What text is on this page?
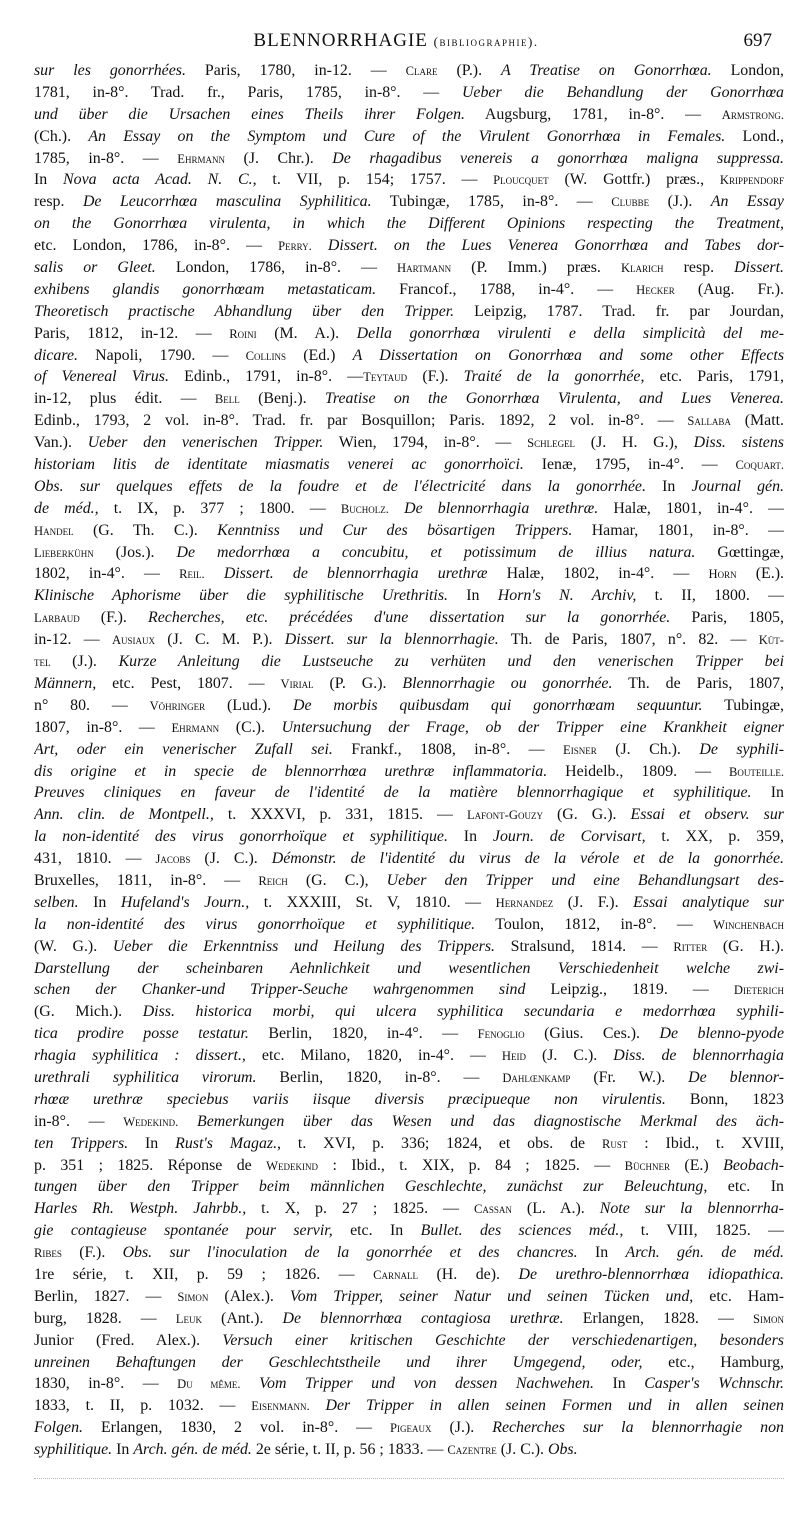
BLENNORRHAGIE (bibliographie).	697
sur les gonorrhées. Paris, 1780, in-12. — Clare (P.). A Treatise on Gonorrhœa. London,
1781, in-8°. Trad. fr., Paris, 1785, in-8°. — Ueber die Behandlung der Gonorrhœa
und über die Ursachen eines Theils ihrer Folgen. Augsburg, 1781, in-8°. — Armstrong.
(Ch.). An Essay on the Symptom und Cure of the Virulent Gonorrhœa in Females. Lond.,
1785, in-8°. — Ehrmann (J. Chr.). De rhagadibus venereis a gonorrhœa maligna suppressa.
In Nova acta Acad. N. C., t. VII, p. 154; 1757. — Ploucquet (W. Gottfr.) præs., Krippendorf
resp. De Leucorrhœa masculina Syphilitica. Tubingæ, 1785, in-8°. — Clubbe (J.). An Essay
on the Gonorrhœa virulenta, in which the Different Opinions respecting the Treatment,
etc. London, 1786, in-8°. — Perry. Dissert. on the Lues Venerea Gonorrhœa and Tabes dor-
salis or Gleet. London, 1786, in-8°. — Hartmann (P. Imm.) præs. Klarich resp. Dissert.
exhibens glandis gonorrhœam metastaticam. Francof., 1788, in-4°. — Hecker (Aug. Fr.).
Theoretisch practische Abhandlung über den Tripper. Leipzig, 1787. Trad. fr. par Jourdan,
Paris, 1812, in-12. — Roini (M. A.). Della gonorrhœa virulenti e della simplicità del me-
dicare. Napoli, 1790. — Collins (Ed.) A Dissertation on Gonorrhœa and some other Effects
of Venereal Virus. Edinb., 1791, in-8°. —Teytaud (F.). Traité de la gonorrhée, etc. Paris, 1791,
in-12, plus édit. — Bell (Benj.). Treatise on the Gonorrhœa Virulenta, and Lues Venerea.
Edinb., 1793, 2 vol. in-8°. Trad. fr. par Bosquillon; Paris. 1892, 2 vol. in-8°. — Sallaba (Matt.
Van.). Ueber den venerischen Tripper. Wien, 1794, in-8°. — Schlegel (J. H. G.), Diss. sistens
historiam litis de identitate miasmatis venerei ac gonorrhoïci. Ienæ, 1795, in-4°. — Coquart.
Obs. sur quelques effets de la foudre et de l'électricité dans la gonorrhée. In Journal gén.
de méd., t. IX, p. 377 ; 1800. — Bucholz. De blennorrhagia urethræ. Halæ, 1801, in-4°. —
Handel (G. Th. C.). Kenntniss und Cur des bösartigen Trippers. Hamar, 1801, in-8°. —
Lieberkühn (Jos.). De medorrhœa a concubitu, et potissimum de illius natura. Gœttingæ,
1802, in-4°. — Reil. Dissert. de blennorrhagia urethræ Halæ, 1802, in-4°. — Horn (E.).
Klinische Aphorisme über die syphilitische Urethritis. In Horn's N. Archiv, t. II, 1800. —
Larbaud (F.). Recherches, etc. précédées d'une dissertation sur la gonorrhée. Paris, 1805,
in-12. — Ausiaux (J. C. M. P.). Dissert. sur la blennorrhagie. Th. de Paris, 1807, n°. 82. — Küt-
tel (J.). Kurze Anleitung die Lustseuche zu verhüten und den venerischen Tripper bei
Männern, etc. Pest, 1807. — Virial (P. G.). Blennorrhagie ou gonorrhée. Th. de Paris, 1807,
n° 80. — Vöhringer (Lud.). De morbis quibusdam qui gonorrhœam sequuntur. Tubingæ,
1807, in-8°. — Ehrmann (C.). Untersuchung der Frage, ob der Tripper eine Krankheit eigner
Art, oder ein venerischer Zufall sei. Frankf., 1808, in-8°. — Eisner (J. Ch.). De syphili-
dis origine et in specie de blennorrhœa urethræ inflammatoria. Heidelb., 1809. — Bouteille.
Preuves cliniques en faveur de l'identité de la matière blennorrhagique et syphilitique. In
Ann. clin. de Montpell., t. XXXVI, p. 331, 1815. — Lafont-Gouzy (G. G.). Essai et observ. sur
la non-identité des virus gonorrhoïque et syphilitique. In Journ. de Corvisart, t. XX, p. 359,
431, 1810. — Jacobs (J. C.). Démonstr. de l'identité du virus de la vérole et de la gonorrhée.
Bruxelles, 1811, in-8°. — Reich (G. C.), Ueber den Tripper und eine Behandlungsart des-
selben. In Hufeland's Journ., t. XXXIII, St. V, 1810. — Hernandez (J. F.). Essai analytique sur
la non-identité des virus gonorrhoïque et syphilitique. Toulon, 1812, in-8°. — Winchenbach
(W. G.). Ueber die Erkenntniss und Heilung des Trippers. Stralsund, 1814. — Ritter (G. H.).
Darstellung der scheinbaren Aehnlichkeit und wesentlichen Verschiedenheit welche zwi-
schen der Chanker-und Tripper-Seuche wahrgenommen sind Leipzig., 1819. — Dieterich
(G. Mich.). Diss. historica morbi, qui ulcera syphilitica secundaria e medorrhœa syphili-
tica prodire posse testatur. Berlin, 1820, in-4°. — Fenoglio (Gius. Ces.). De blenno-pyode
rhagia syphilitica : dissert., etc. Milano, 1820, in-4°. — Heid (J. C.). Diss. de blennorrhagia
urethrali syphilitica virorum. Berlin, 1820, in-8°. — Dahlœnkamp (Fr. W.). De blennor-
rhœæ urethræ speciebus variis iisque diversis præcipueque non virulentis. Bonn, 1823
in-8°. — Wedekind. Bemerkungen über das Wesen und das diagnostische Merkmal des äch-
ten Trippers. In Rust's Magaz., t. XVI, p. 336; 1824, et obs. de Rust : Ibid., t. XVIII,
p. 351 ; 1825. Réponse de Wedekind : Ibid., t. XIX, p. 84 ; 1825. — Büchner (E.) Beobach-
tungen über den Tripper beim männlichen Geschlechte, zunächst zur Beleuchtung, etc. In
Harles Rh. Westph. Jahrbb., t. X, p. 27 ; 1825. — Cassan (L. A.). Note sur la blennorrha-
gie contagieuse spontanée pour servir, etc. In Bullet. des sciences méd., t. VIII, 1825. —
Ribes (F.). Obs. sur l'inoculation de la gonorrhée et des chancres. In Arch. gén. de méd.
1re série, t. XII, p. 59 ; 1826. — Carnall (H. de). De urethro-blennorrhœa idiopathica.
Berlin, 1827. — Simon (Alex.). Vom Tripper, seiner Natur und seinen Tücken und, etc. Ham-
burg, 1828. — Leuk (Ant.). De blennorrhœa contagiosa urethræ. Erlangen, 1828. — Simon
Junior (Fred. Alex.). Versuch einer kritischen Geschichte der verschiedenartigen, besonders
unreinen Behaftungen der Geschlechtstheile und ihrer Umgegend, oder, etc., Hamburg,
1830, in-8°. — Du même. Vom Tripper und von dessen Nachwehen. In Casper's Wchnschr.
1833, t. II, p. 1032. — Eisenmann. Der Tripper in allen seinen Formen und in allen seinen
Folgen. Erlangen, 1830, 2 vol. in-8°. — Pigeaux (J.). Recherches sur la blennorrhagie non
syphilitique. In Arch. gén. de méd. 2e série, t. II, p. 56 ; 1833. — Cazentre (J. C.). Obs.
